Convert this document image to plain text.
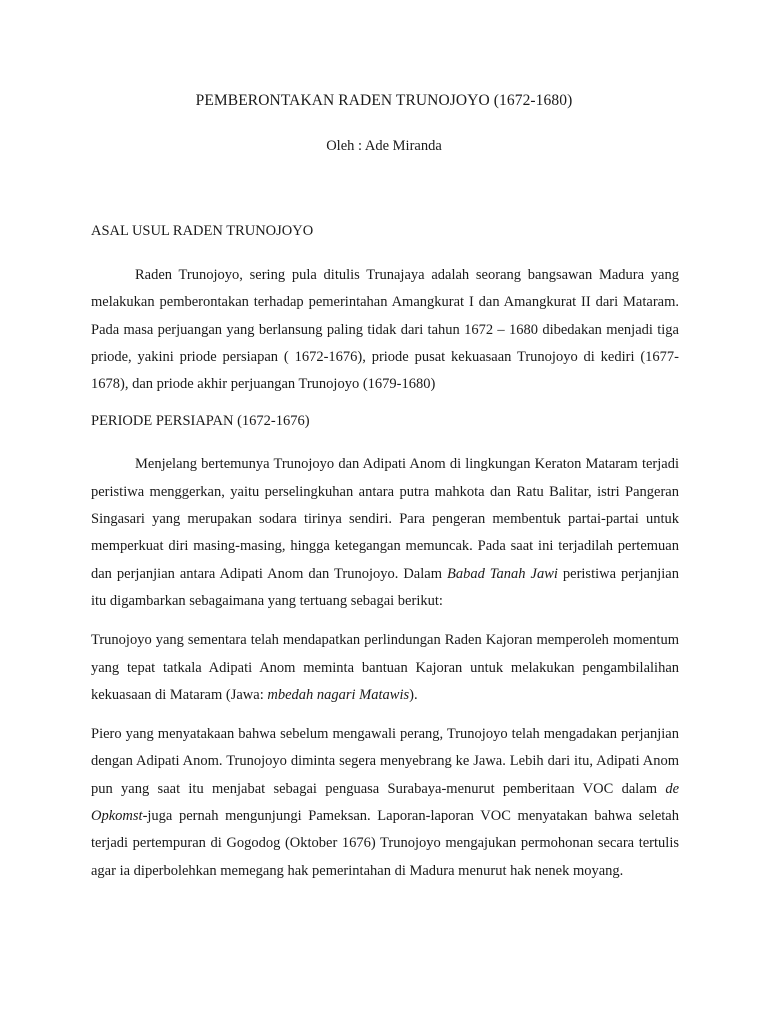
PEMBERONTAKAN RADEN TRUNOJOYO (1672-1680)
Oleh : Ade Miranda
ASAL USUL RADEN TRUNOJOYO

Raden Trunojoyo, sering pula ditulis Trunajaya adalah seorang bangsawan Madura yang melakukan pemberontakan terhadap pemerintahan Amangkurat I dan Amangkurat II dari Mataram. Pada masa perjuangan yang berlansung paling tidak dari tahun 1672 – 1680 dibedakan menjadi tiga priode, yakini priode persiapan ( 1672-1676), priode pusat kekuasaan Trunojoyo di kediri (1677-1678), dan priode akhir perjuangan Trunojoyo (1679-1680)

PERIODE PERSIAPAN (1672-1676)

Menjelang bertemunya Trunojoyo dan Adipati Anom di lingkungan Keraton Mataram terjadi peristiwa menggerkan, yaitu perselingkuhan antara putra mahkota dan Ratu Balitar, istri Pangeran Singasari yang merupakan sodara tirinya sendiri. Para pengeran membentuk partai-partai untuk memperkuat diri masing-masing, hingga ketegangan memuncak. Pada saat ini terjadilah pertemuan dan perjanjian antara Adipati Anom dan Trunojoyo. Dalam Babad Tanah Jawi peristiwa perjanjian itu digambarkan sebagaimana yang tertuang sebagai berikut:

Trunojoyo yang sementara telah mendapatkan perlindungan Raden Kajoran memperoleh momentum yang tepat tatkala Adipati Anom meminta bantuan Kajoran untuk melakukan pengambilalihan kekuasaan di Mataram (Jawa: mbedah nagari Matawis).

Piero yang menyatakaan bahwa sebelum mengawali perang, Trunojoyo telah mengadakan perjanjian dengan Adipati Anom. Trunojoyo diminta segera menyebrang ke Jawa. Lebih dari itu, Adipati Anom pun yang saat itu menjabat sebagai penguasa Surabaya-menurut pemberitaan VOC dalam de Opkomst-juga pernah mengunjungi Pameksan. Laporan-laporan VOC menyatakan bahwa seletah terjadi pertempuran di Gogodog (Oktober 1676) Trunojoyo mengajukan permohonan secara tertulis agar ia diperbolehkan memegang hak pemerintahan di Madura menurut hak nenek moyang.
